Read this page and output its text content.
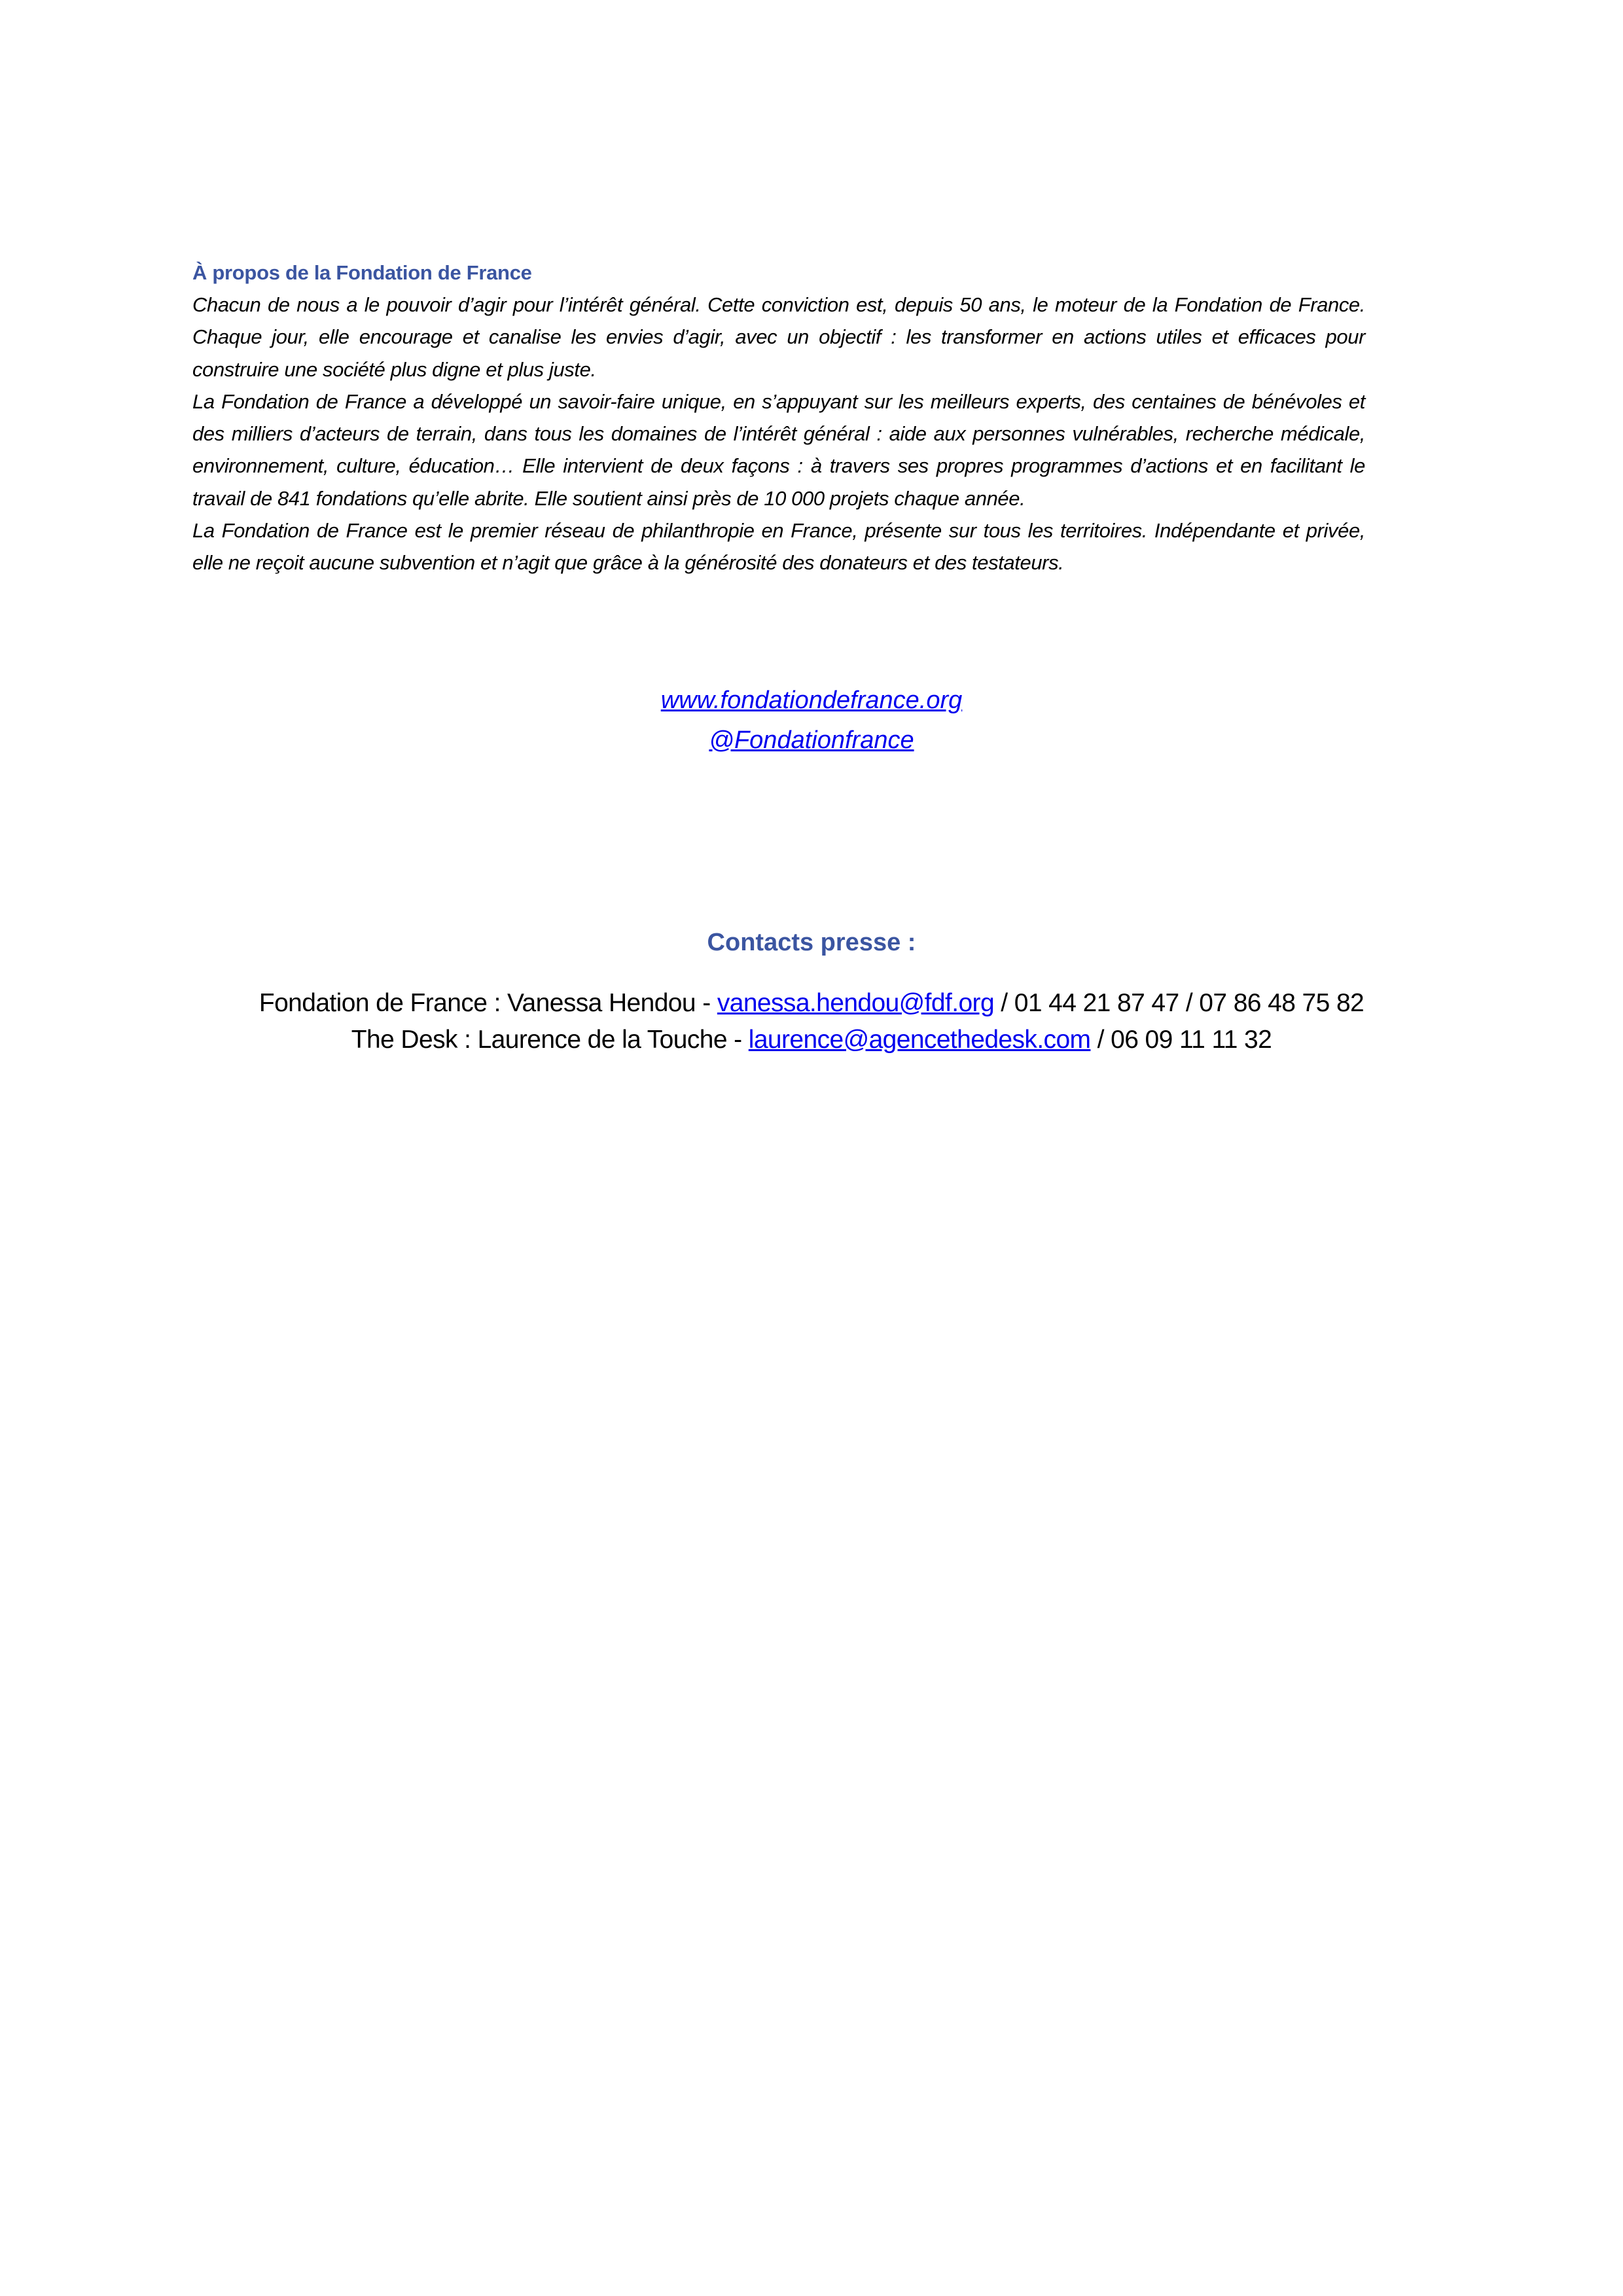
À propos de la Fondation de France

Chacun de nous a le pouvoir d’agir pour l’intérêt général. Cette conviction est, depuis 50 ans, le moteur de la Fondation de France. Chaque jour, elle encourage et canalise les envies d’agir, avec un objectif : les transformer en actions utiles et efficaces pour construire une société plus digne et plus juste.

La Fondation de France a développé un savoir-faire unique, en s’appuyant sur les meilleurs experts, des centaines de bénévoles et des milliers d’acteurs de terrain, dans tous les domaines de l’intérêt général : aide aux personnes vulnérables, recherche médicale, environnement, culture, éducation… Elle intervient de deux façons : à travers ses propres programmes d’actions et en facilitant le travail de 841 fondations qu’elle abrite. Elle soutient ainsi près de 10 000 projets chaque année.

La Fondation de France est le premier réseau de philanthropie en France, présente sur tous les territoires. Indépendante et privée, elle ne reçoit aucune subvention et n’agit que grâce à la générosité des donateurs et des testateurs.

www.fondationdefrance.org
@Fondationfrance
Contacts presse :
Fondation de France : Vanessa Hendou - vanessa.hendou@fdf.org / 01 44 21 87 47 / 07 86 48 75 82
The Desk : Laurence de la Touche - laurence@agencethedesk.com / 06 09 11 11 32
